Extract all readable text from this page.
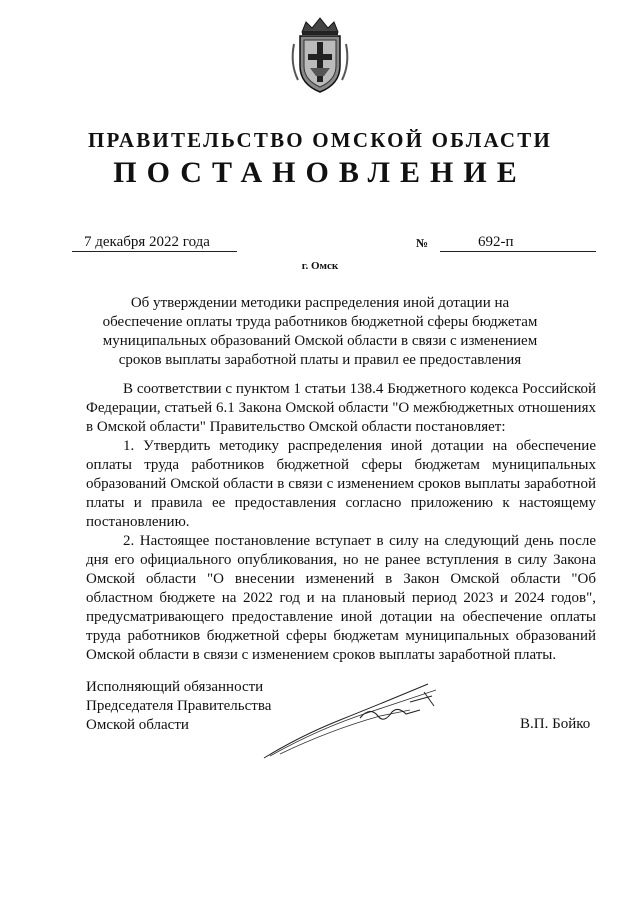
ПРАВИТЕЛЬСТВО ОМСКОЙ ОБЛАСТИ
ПОСТАНОВЛЕНИЕ
7 декабря 2022 года	№	692-п
г. Омск
Об утверждении методики распределения иной дотации на обеспечение оплаты труда работников бюджетной сферы бюджетам муниципальных образований Омской области в связи с изменением сроков выплаты заработной платы и правил ее предоставления

В соответствии с пунктом 1 статьи 138.4 Бюджетного кодекса Российской Федерации, статьей 6.1 Закона Омской области "О межбюджетных отношениях в Омской области" Правительство Омской области постановляет:

1. Утвердить методику распределения иной дотации на обеспечение оплаты труда работников бюджетной сферы бюджетам муниципальных образований Омской области в связи с изменением сроков выплаты заработной платы и правила ее предоставления согласно приложению к настоящему постановлению.

2. Настоящее постановление вступает в силу на следующий день после дня его официального опубликования, но не ранее вступления в силу Закона Омской области "О внесении изменений в Закон Омской области "Об областном бюджете на 2022 год и на плановый период 2023 и 2024 годов", предусматривающего предоставление иной дотации на обеспечение оплаты труда работников бюджетной сферы бюджетам муниципальных образований Омской области в связи с изменением сроков выплаты заработной платы.

Исполняющий обязанности
Председателя Правительства
Омской области	В.П. Бойко
